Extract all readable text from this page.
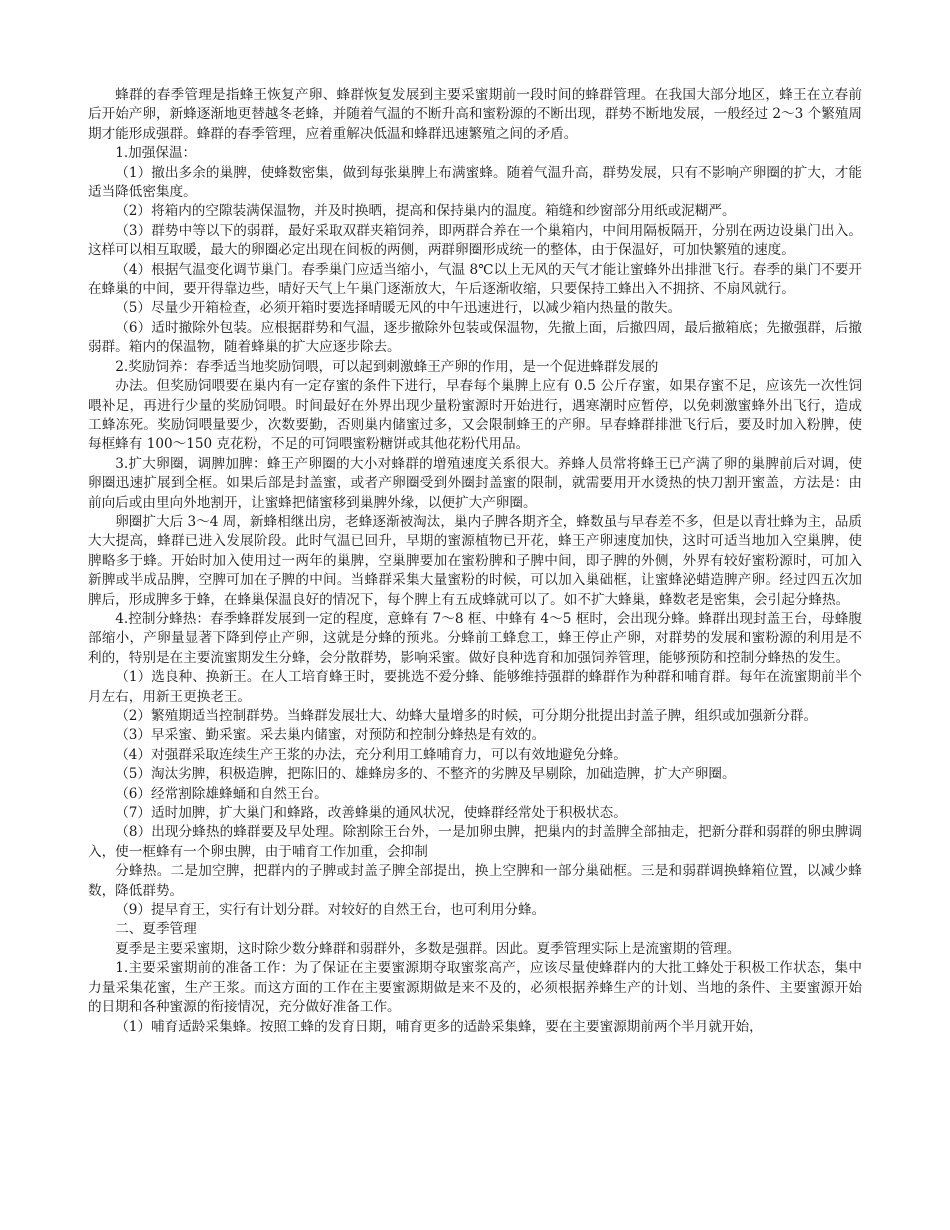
蜂群的春季管理是指蜂王恢复产卵、蜂群恢复发展到主要采蜜期前一段时间的蜂群管理。在我国大部分地区，蜂王在立春前后开始产卵，新蜂逐渐地更替越冬老蜂，并随着气温的不断升高和蜜粉源的不断出现，群势不断地发展，一般经过 2～3 个繁殖周期才能形成强群。蜂群的春季管理，应着重解决低温和蜂群迅速繁殖之间的矛盾。

1.加强保温：

（1）撤出多余的巢脾，使蜂数密集，做到每张巢脾上布满蜜蜂。随着气温升高，群势发展，只有不影响产卵圈的扩大，才能适当降低密集度。

（2）将箱内的空隙装满保温物，并及时换晒，提高和保持巢内的温度。箱缝和纱窗部分用纸或泥糊严。

（3）群势中等以下的弱群，最好采取双群夹箱饲养，即两群合养在一个巢箱内，中间用隔板隔开，分别在两边设巢门出入。这样可以相互取暖，最大的卵圈必定出现在间板的两侧，两群卵圈形成统一的整体，由于保温好，可加快繁殖的速度。

（4）根据气温变化调节巢门。春季巢门应适当缩小，气温 8℃以上无风的天气才能让蜜蜂外出排泄飞行。春季的巢门不要开在蜂巢的中间，要开得靠边些，晴好天气上午巢门逐渐放大，午后逐渐收缩，只要保持工蜂出入不拥挤、不扇风就行。

（5）尽量少开箱检查，必须开箱时要选择晴暖无风的中午迅速进行，以减少箱内热量的散失。

（6）适时撤除外包装。应根据群势和气温，逐步撤除外包装或保温物，先撤上面，后撤四周，最后撤箱底；先撤强群，后撤弱群。箱内的保温物，随着蜂巢的扩大应逐步除去。

2.奖励饲养：春季适当地奖励饲喂，可以起到刺激蜂王产卵的作用，是一个促进蜂群发展的

办法。但奖励饲喂要在巢内有一定存蜜的条件下进行，早春每个巢脾上应有 0.5 公斤存蜜，如果存蜜不足，应该先一次性饲喂补足，再进行少量的奖励饲喂。时间最好在外界出现少量粉蜜源时开始进行，遇寒潮时应暂停，以免刺激蜜蜂外出飞行，造成工蜂冻死。奖励饲喂量要少，次数要勤，否则巢内储蜜过多，又会限制蜂王的产卵。早春蜂群排泄飞行后，要及时加入粉脾，使每框蜂有 100～150 克花粉，不足的可饲喂蜜粉糖饼或其他花粉代用品。

3.扩大卵圈，调脾加脾：蜂王产卵圈的大小对蜂群的增殖速度关系很大。养蜂人员常将蜂王已产满了卵的巢脾前后对调，使卵圈迅速扩展到全框。如果后部是封盖蜜，或者产卵圈受到外圈封盖蜜的限制，就需要用开水烫热的快刀割开蜜盖，方法是：由前向后或由里向外地割开，让蜜蜂把储蜜移到巢脾外缘，以便扩大产卵圈。

卵圈扩大后 3～4 周，新蜂相继出房，老蜂逐渐被淘汰，巢内子脾各期齐全，蜂数虽与早春差不多，但是以青壮蜂为主，品质大大提高，蜂群已进入发展阶段。此时气温已回升，早期的蜜源植物已开花，蜂王产卵速度加快，这时可适当地加入空巢脾，使脾略多于蜂。开始时加入使用过一两年的巢脾，空巢脾要加在蜜粉脾和子脾中间，即子脾的外侧，外界有较好蜜粉源时，可加入新脾或半成品脾，空脾可加在子脾的中间。当蜂群采集大量蜜粉的时候，可以加入巢础框，让蜜蜂泌蜡造脾产卵。经过四五次加脾后，形成脾多于蜂，在蜂巢保温良好的情况下，每个脾上有五成蜂就可以了。如不扩大蜂巢，蜂数老是密集，会引起分蜂热。

4.控制分蜂热：春季蜂群发展到一定的程度，意蜂有 7～8 框、中蜂有 4～5 框时，会出现分蜂。蜂群出现封盖王台，母蜂腹部缩小，产卵量显著下降到停止产卵，这就是分蜂的预兆。分蜂前工蜂怠工，蜂王停止产卵，对群势的发展和蜜粉源的利用是不利的，特别是在主要流蜜期发生分蜂，会分散群势，影响采蜜。做好良种选育和加强饲养管理，能够预防和控制分蜂热的发生。

（1）选良种、换新王。在人工培育蜂王时，要挑选不爱分蜂、能够维持强群的蜂群作为种群和哺育群。每年在流蜜期前半个月左右，用新王更换老王。

（2）繁殖期适当控制群势。当蜂群发展壮大、幼蜂大量增多的时候，可分期分批提出封盖子脾，组织或加强新分群。

（3）早采蜜、勤采蜜。采去巢内储蜜，对预防和控制分蜂热是有效的。

（4）对强群采取连续生产王浆的办法，充分利用工蜂哺育力，可以有效地避免分蜂。

（5）淘汰劣脾，积极造脾，把陈旧的、雄蜂房多的、不整齐的劣脾及早剔除，加础造脾，扩大产卵圈。

（6）经常割除雄蜂蛹和自然王台。

（7）适时加脾，扩大巢门和蜂路，改善蜂巢的通风状况，使蜂群经常处于积极状态。

（8）出现分蜂热的蜂群要及早处理。除割除王台外，一是加卵虫脾，把巢内的封盖脾全部抽走，把新分群和弱群的卵虫脾调入，使一框蜂有一个卵虫脾，由于哺育工作加重，会抑制

分蜂热。二是加空脾，把群内的子脾或封盖子脾全部提出，换上空脾和一部分巢础框。三是和弱群调换蜂箱位置，以减少蜂数，降低群势。

（9）提早育王，实行有计划分群。对较好的自然王台，也可利用分蜂。

二、夏季管理

夏季是主要采蜜期，这时除少数分蜂群和弱群外，多数是强群。因此。夏季管理实际上是流蜜期的管理。

1.主要采蜜期前的准备工作：为了保证在主要蜜源期夺取蜜浆高产，应该尽量使蜂群内的大批工蜂处于积极工作状态，集中力量采集花蜜，生产王浆。而这方面的工作在主要蜜源期做是来不及的，必须根据养蜂生产的计划、当地的条件、主要蜜源开始的日期和各种蜜源的衔接情况，充分做好准备工作。

（1）哺育适龄采集蜂。按照工蜂的发育日期，哺育更多的适龄采集蜂，要在主要蜜源期前两个半月就开始，
